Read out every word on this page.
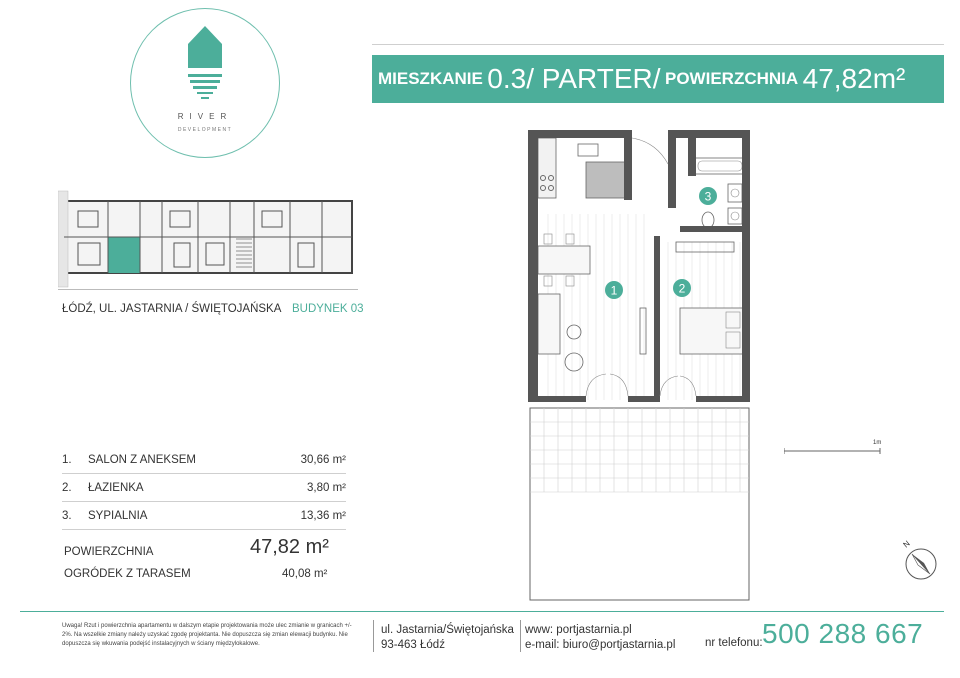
RIVER
DEVELOPMENT
MIESZKANIE 0.3/ PARTER/ POWIERZCHNIA 47,82m²
ŁÓDŹ, UL. JASTARNIA / ŚWIĘTOJAŃSKA BUDYNEK 03
1.	SALON Z ANEKSEM	30,66 m²
2.	ŁAZIENKA	3,80 m²
3.	SYPIALNIA	13,36 m²
POWIERZCHNIA	47,82 m²
OGRÓDEK Z TARASEM	40,08 m²
1	2
3
1m
N
Uwaga! Rzut i powierzchnia apartamentu w dalszym etapie projektowania może ulec zmianie w granicach +/- 2%. Na wszelkie zmiany należy uzyskać zgodę projektanta. Nie dopuszcza się zmian elewacji budynku. Nie dopuszcza się wkuwania podejść instalacyjnych w ściany międzylokalowe.
ul. Jastarnia/Świętojańska
93-463 Łódź
www: portjastarnia.pl
e-mail: biuro@portjastarnia.pl	nr telefonu: 500 288 667
